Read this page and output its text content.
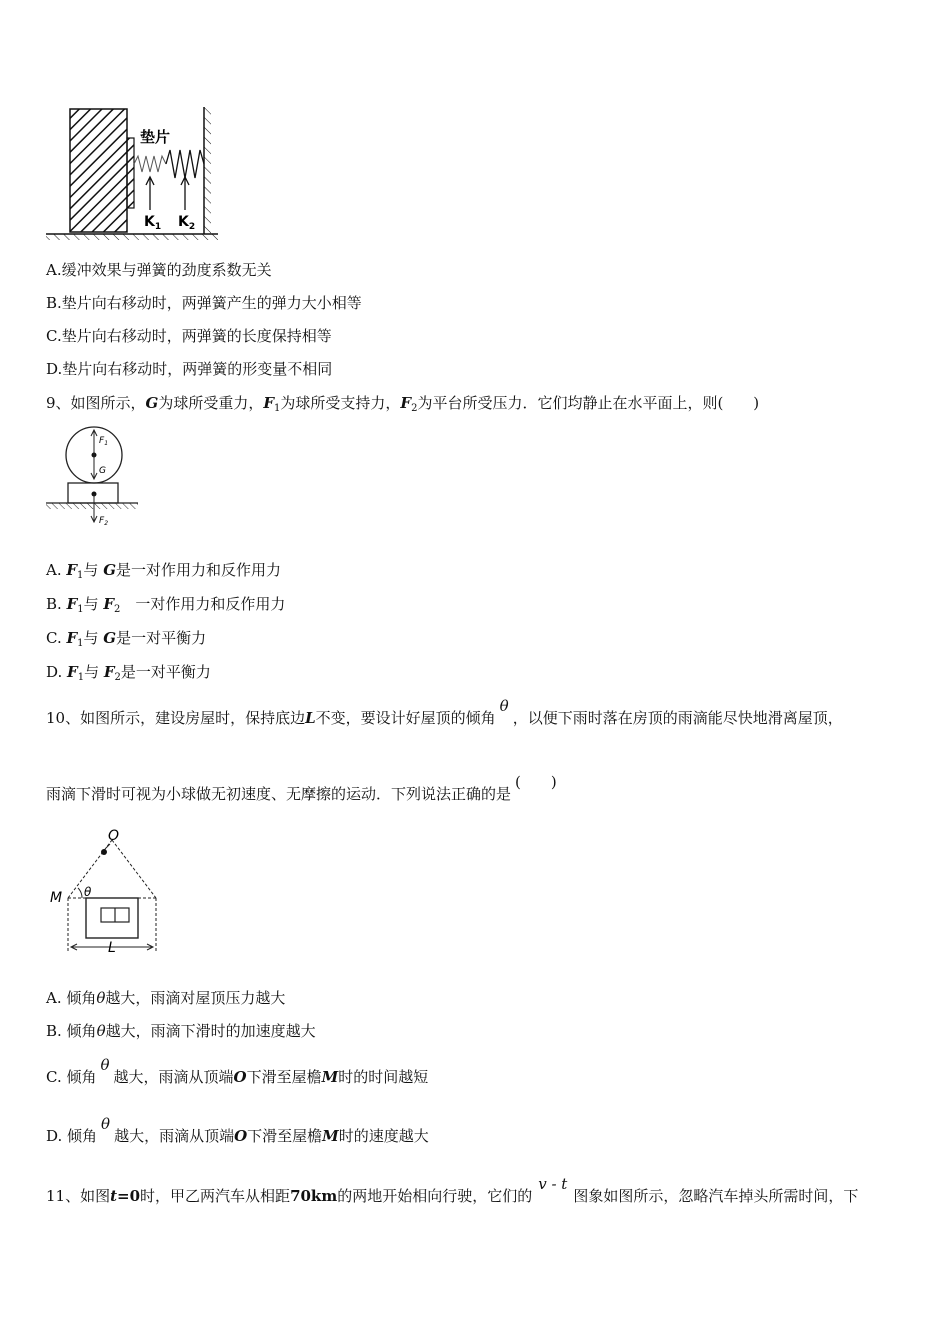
垫片
$K_1$ $K_2$
A.缓冲效果与弹簧的劲度系数无关
B.垫片向右移动时，两弹簧产生的弹力大小相等
C.垫片向右移动时，两弹簧的长度保持相等
D.垫片向右移动时，两弹簧的形变量不相同
9、如图所示，G为球所受重力，$F_1$为球所受支持力，$F_2$为平台所受压力．它们均静止在水平面上，则(　　)
$F_1$
G
$F_2$
A. $F_1$与 G是一对作用力和反作用力
B. $F_1$与 $F_2$　一对作用力和反作用力
C. $F_1$与 G是一对平衡力
D. $F_1$与 $F_2$是一对平衡力
10、如图所示，建设房屋时，保持底边L不变，要设计好屋顶的倾角θ，以便下雨时落在房顶的雨滴能尽快地滑离屋顶，
雨滴下滑时可视为小球做无初速度、无摩擦的运动．下列说法正确的是(　　)
O
M θ
L
A. 倾角θ越大，雨滴对屋顶压力越大
B. 倾角θ越大，雨滴下滑时的加速度越大
C. 倾角θ越大，雨滴从顶端O下滑至屋檐M时的时间越短
D. 倾角θ越大，雨滴从顶端O下滑至屋檐M时的速度越大
11、如图t=0时，甲乙两汽车从相距70km的两地开始相向行驶，它们的v - t图象如图所示，忽略汽车掉头所需时间，下
